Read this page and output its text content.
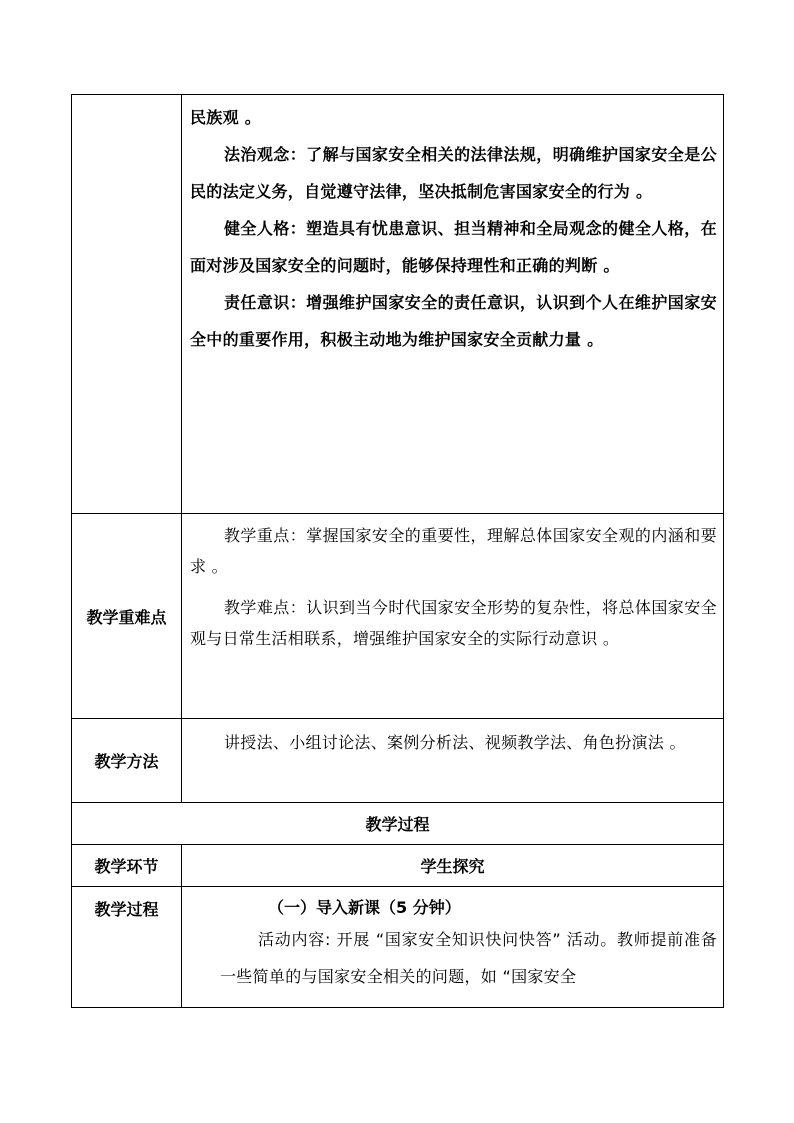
	民族观 。

法治观念：了解与国家安全相关的法律法规，明确维护国家安全是公民的法定义务，自觉遵守法律，坚决抵制危害国家安全的行为 。

健全人格：塑造具有忧患意识、担当精神和全局观念的健全人格，在面对涉及国家安全的问题时，能够保持理性和正确的判断 。

责任意识：增强维护国家安全的责任意识，认识到个人在维护国家安全中的重要作用，积极主动地为维护国家安全贡献力量 。

教学重难点	教学重点：掌握国家安全的重要性，理解总体国家安全观的内涵和要求 。

教学难点：认识到当今时代国家安全形势的复杂性，将总体国家安全观与日常生活相联系，增强维护国家安全的实际行动意识 。

教学方法	讲授法、小组讨论法、案例分析法、视频教学法、角色扮演法 。

教学过程	
教学环节	学生探究
教学过程	（一）导入新课（5 分钟）

活动内容: 开展 “国家安全知识快问快答” 活动。教师提前准备一些简单的与国家安全相关的问题，如 “国家安全
